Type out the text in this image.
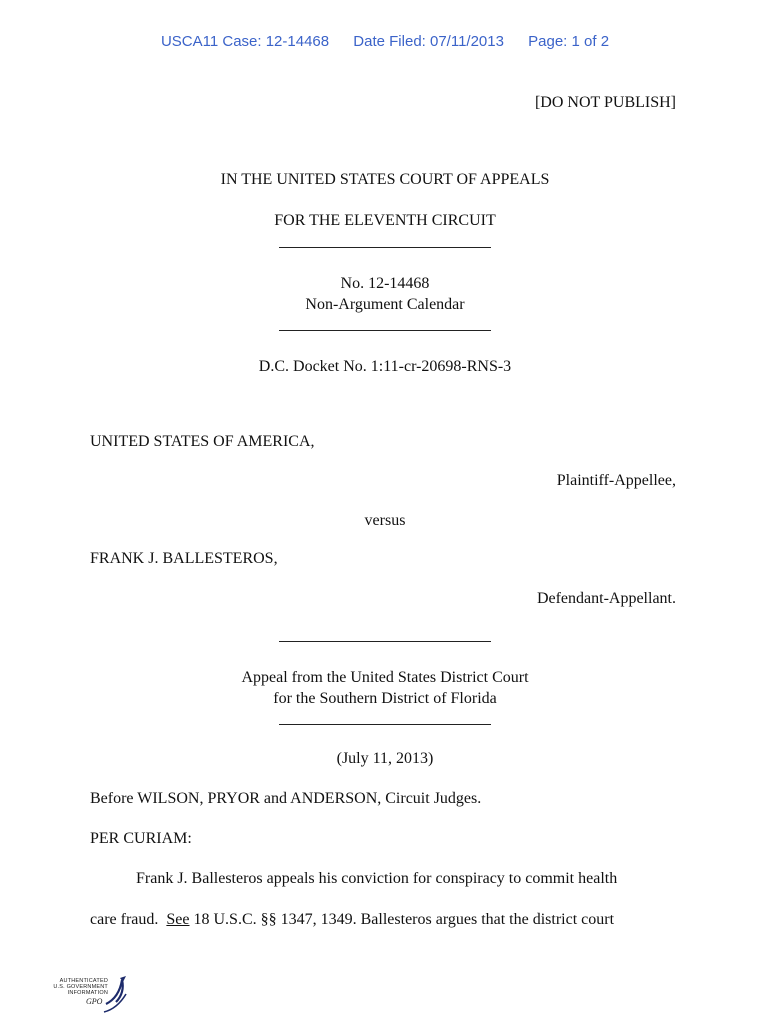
USCA11 Case: 12-14468 Date Filed: 07/11/2013 Page: 1 of 2
[DO NOT PUBLISH]
IN THE UNITED STATES COURT OF APPEALS
FOR THE ELEVENTH CIRCUIT
No. 12-14468
Non-Argument Calendar
D.C. Docket No. 1:11-cr-20698-RNS-3
UNITED STATES OF AMERICA,
Plaintiff-Appellee,
versus
FRANK J. BALLESTEROS,
Defendant-Appellant.
Appeal from the United States District Court
for the Southern District of Florida
(July 11, 2013)
Before WILSON, PRYOR and ANDERSON, Circuit Judges.
PER CURIAM:
Frank J. Ballesteros appeals his conviction for conspiracy to commit health
care fraud. See 18 U.S.C. §§ 1347, 1349. Ballesteros argues that the district court
AUTHENTICATED
U.S. GOVERNMENT
INFORMATION
GPO
